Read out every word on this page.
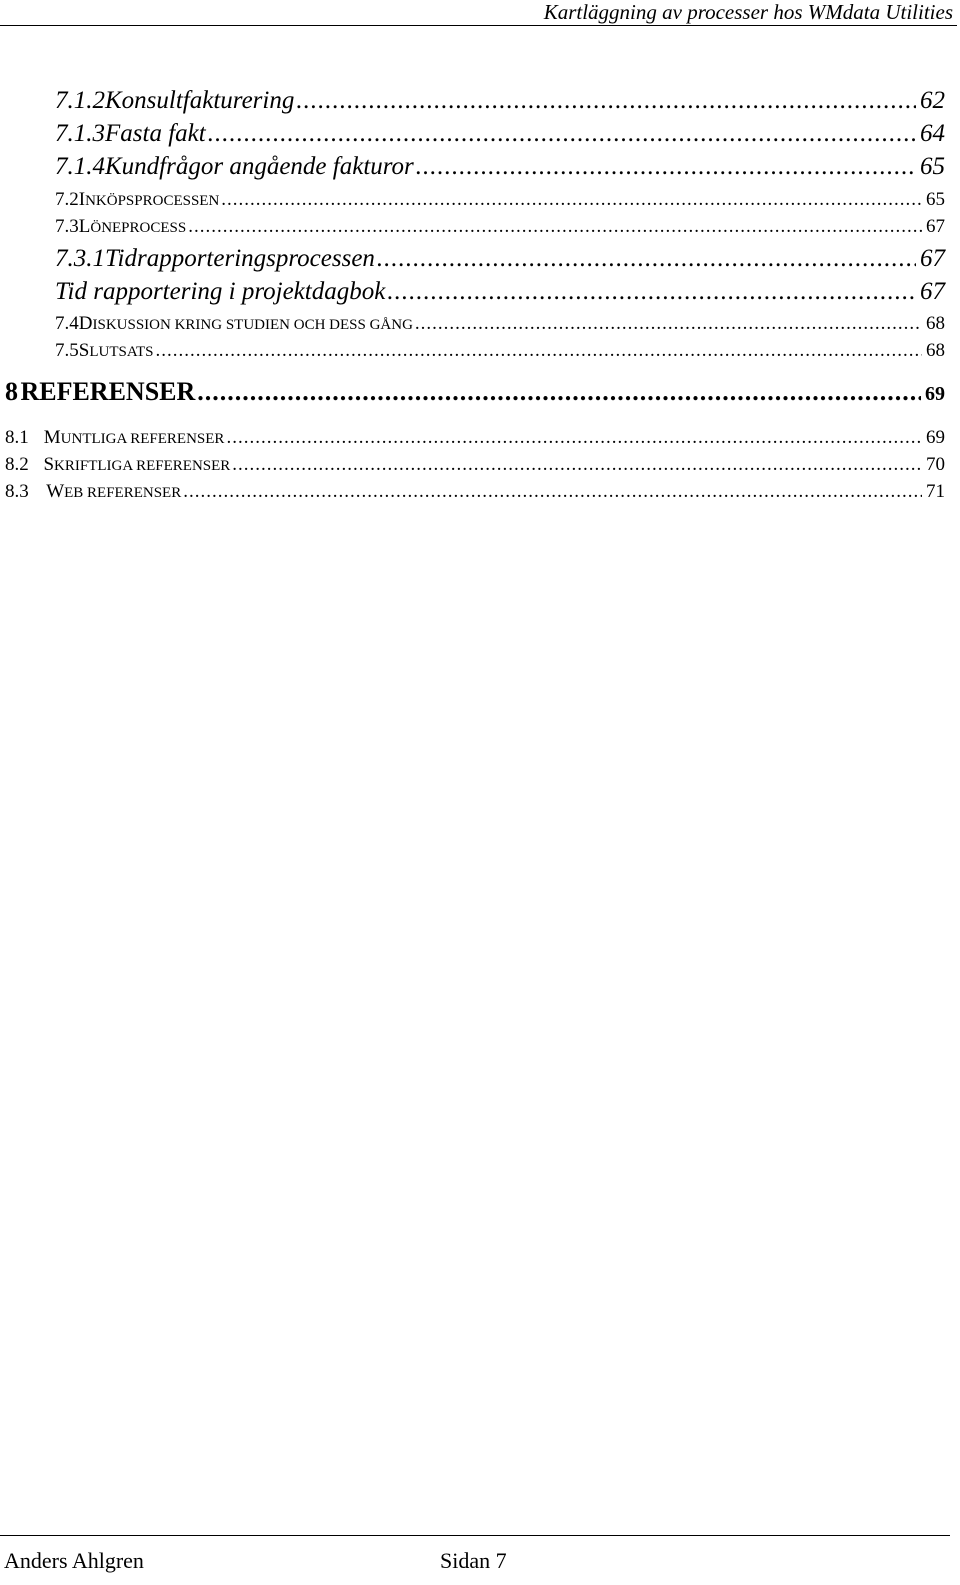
Kartläggning av processer hos WMdata Utilities
7.1.2 Konsultfakturering .....	62
7.1.3 Fasta fakt .....	64
7.1.4 Kundfrågor angående fakturor .....	65
7.2 INKÖPSPROCESSEN .....	65
7.3 LÖNEPROCESS .....	67
7.3.1 Tidrapporteringsprocessen .....	67
Tid rapportering i projektdagbok .....	67
7.4 DISKUSSION KRING STUDIEN OCH DESS GÅNG .....	68
7.5 SLUTSATS .....	68
8 REFERENSER .....	69
8.1 MUNTLIGA REFERENSER .....	69
8.2 SKRIFTLIGA REFERENSER .....	70
8.3 WEB REFERENSER .....	71
Anders Ahlgren	Sidan 7
